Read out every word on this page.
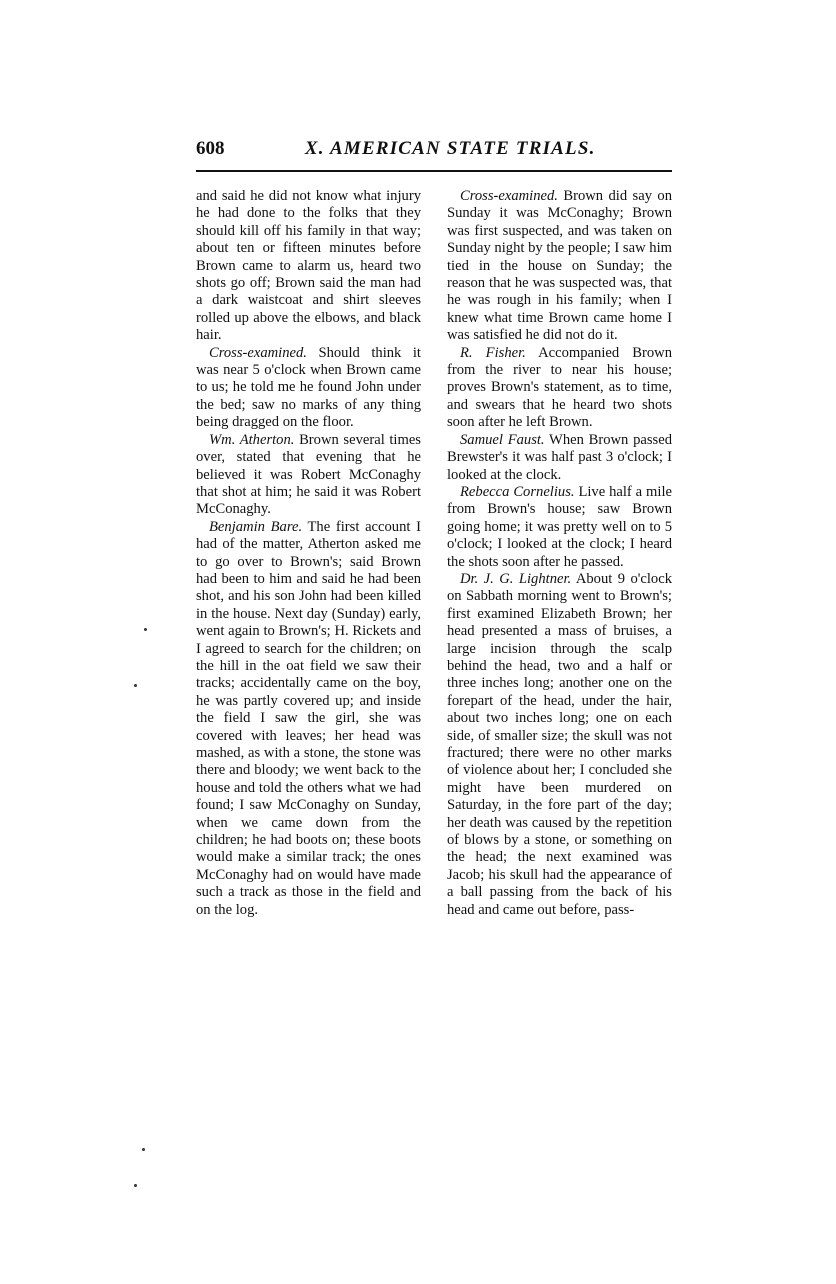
608	X. AMERICAN STATE TRIALS.

and said he did not know what injury he had done to the folks that they should kill off his family in that way; about ten or fifteen minutes before Brown came to alarm us, heard two shots go off; Brown said the man had a dark waistcoat and shirt sleeves rolled up above the elbows, and black hair.

Cross-examined. Should think it was near 5 o'clock when Brown came to us; he told me he found John under the bed; saw no marks of any thing being dragged on the floor.

Wm. Atherton. Brown several times over, stated that evening that he believed it was Robert McConaghy that shot at him; he said it was Robert McConaghy.

Benjamin Bare. The first account I had of the matter, Atherton asked me to go over to Brown's; said Brown had been to him and said he had been shot, and his son John had been killed in the house. Next day (Sunday) early, went again to Brown's; H. Rickets and I agreed to search for the children; on the hill in the oat field we saw their tracks; accidentally came on the boy, he was partly covered up; and inside the field I saw the girl, she was covered with leaves; her head was mashed, as with a stone, the stone was there and bloody; we went back to the house and told the others what we had found; I saw McConaghy on Sunday, when we came down from the children; he had boots on; these boots would make a similar track; the ones McConaghy had on would have made such a track as those in the field and on the log.

Cross-examined. Brown did say on Sunday it was McConaghy; Brown was first suspected, and was taken on Sunday night by the people; I saw him tied in the house on Sunday; the reason that he was suspected was, that he was rough in his family; when I knew what time Brown came home I was satisfied he did not do it.

R. Fisher. Accompanied Brown from the river to near his house; proves Brown's statement, as to time, and swears that he heard two shots soon after he left Brown.

Samuel Faust. When Brown passed Brewster's it was half past 3 o'clock; I looked at the clock.

Rebecca Cornelius. Live half a mile from Brown's house; saw Brown going home; it was pretty well on to 5 o'clock; I looked at the clock; I heard the shots soon after he passed.

Dr. J. G. Lightner. About 9 o'clock on Sabbath morning went to Brown's; first examined Elizabeth Brown; her head presented a mass of bruises, a large incision through the scalp behind the head, two and a half or three inches long; another one on the forepart of the head, under the hair, about two inches long; one on each side, of smaller size; the skull was not fractured; there were no other marks of violence about her; I concluded she might have been murdered on Saturday, in the fore part of the day; her death was caused by the repetition of blows by a stone, or something on the head; the next examined was Jacob; his skull had the appearance of a ball passing from the back of his head and came out before, pass-
